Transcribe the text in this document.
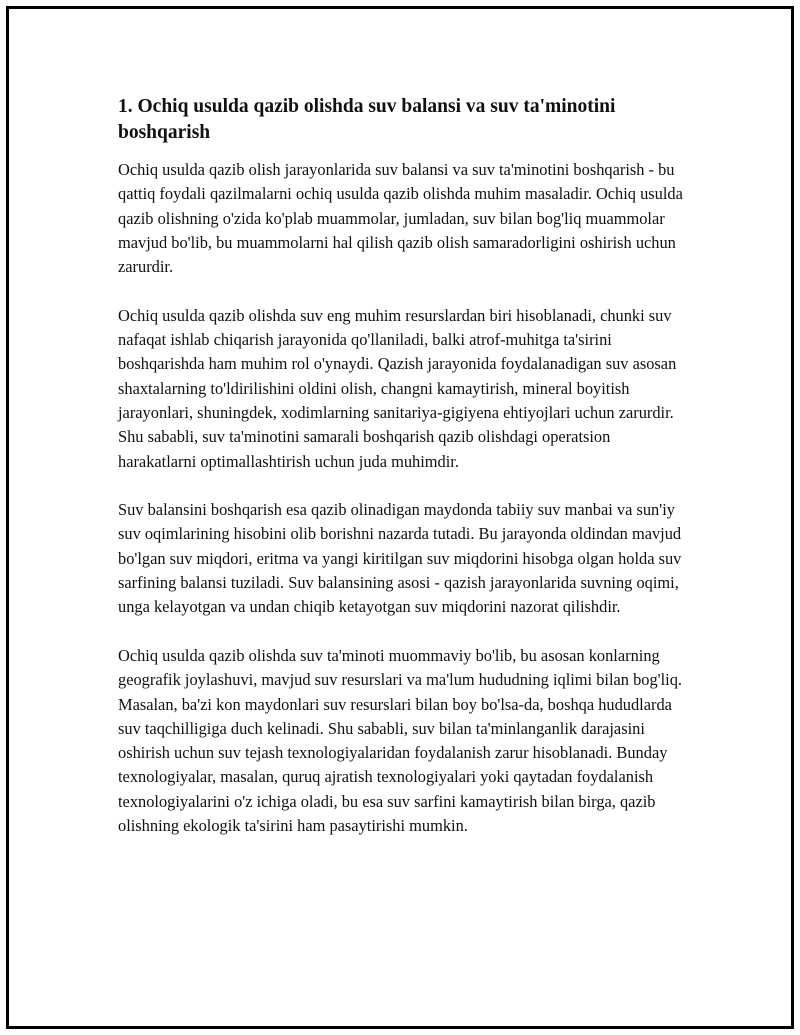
1. Ochiq usulda qazib olishda suv balansi va suv ta'minotini boshqarish

Ochiq usulda qazib olish jarayonlarida suv balansi va suv ta'minotini boshqarish - bu qattiq foydali qazilmalarni ochiq usulda qazib olishda muhim masaladir. Ochiq usulda qazib olishning o'zida ko'plab muammolar, jumladan, suv bilan bog'liq muammolar mavjud bo'lib, bu muammolarni hal qilish qazib olish samaradorligini oshirish uchun zarurdir.

Ochiq usulda qazib olishda suv eng muhim resurslardan biri hisoblanadi, chunki suv nafaqat ishlab chiqarish jarayonida qo'llaniladi, balki atrof-muhitga ta'sirini boshqarishda ham muhim rol o'ynaydi. Qazish jarayonida foydalanadigan suv asosan shaxtalarning to'ldirilishini oldini olish, changni kamaytirish, mineral boyitish jarayonlari, shuningdek, xodimlarning sanitariya-gigiyena ehtiyojlari uchun zarurdir. Shu sababli, suv ta'minotini samarali boshqarish qazib olishdagi operatsion harakatlarni optimallashtirish uchun juda muhimdir.

Suv balansini boshqarish esa qazib olinadigan maydonda tabiiy suv manbai va sun'iy suv oqimlarining hisobini olib borishni nazarda tutadi. Bu jarayonda oldindan mavjud bo'lgan suv miqdori, eritma va yangi kiritilgan suv miqdorini hisobga olgan holda suv sarfining balansi tuziladi. Suv balansining asosi - qazish jarayonlarida suvning oqimi, unga kelayotgan va undan chiqib ketayotgan suv miqdorini nazorat qilishdir.

Ochiq usulda qazib olishda suv ta'minoti muommaviy bo'lib, bu asosan konlarning geografik joylashuvi, mavjud suv resurslari va ma'lum hududning iqlimi bilan bog'liq. Masalan, ba'zi kon maydonlari suv resurslari bilan boy bo'lsa-da, boshqa hududlarda suv taqchilligiga duch kelinadi. Shu sababli, suv bilan ta'minlanganlik darajasini oshirish uchun suv tejash texnologiyalaridan foydalanish zarur hisoblanadi. Bunday texnologiyalar, masalan, quruq ajratish texnologiyalari yoki qaytadan foydalanish texnologiyalarini o'z ichiga oladi, bu esa suv sarfini kamaytirish bilan birga, qazib olishning ekologik ta'sirini ham pasaytirishi mumkin.
